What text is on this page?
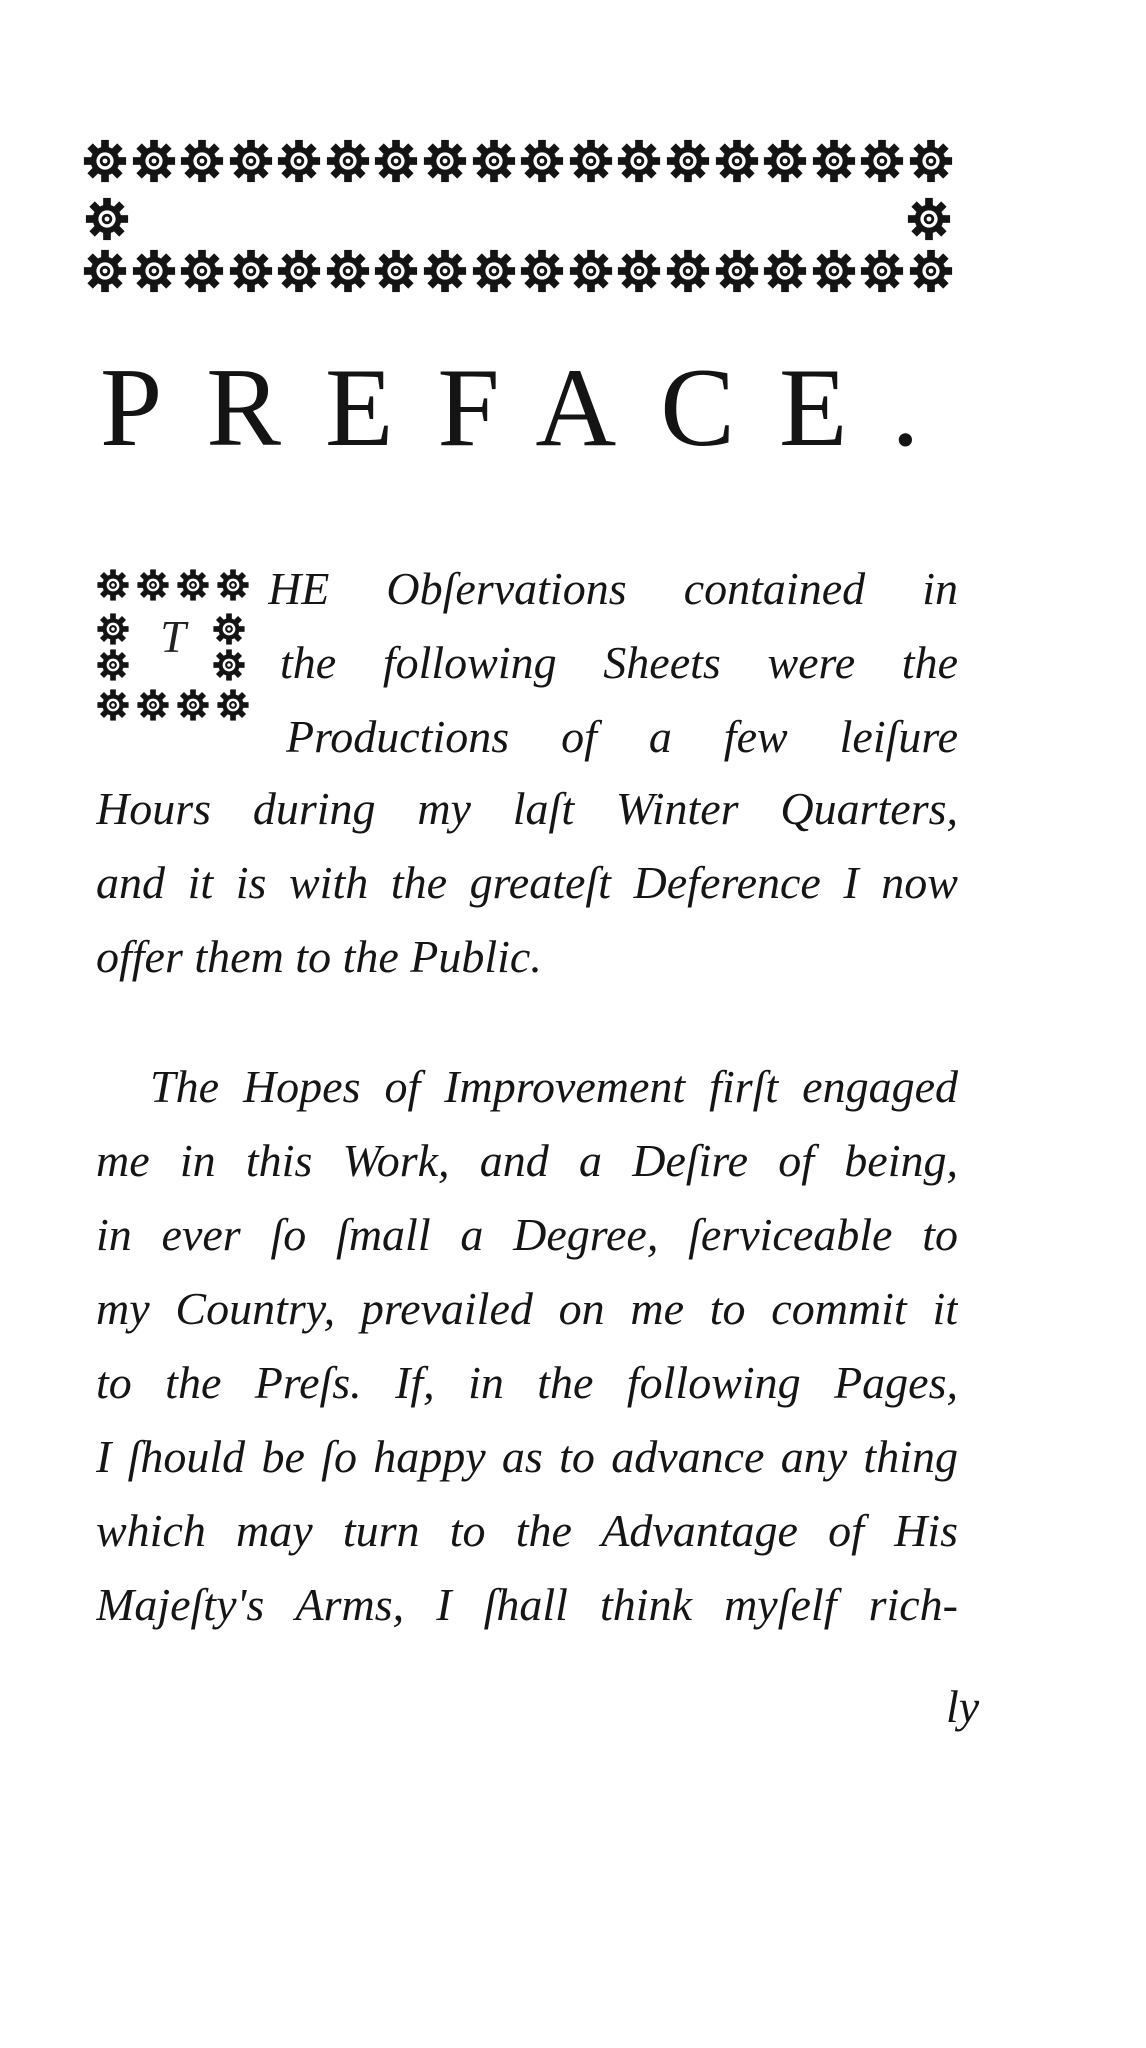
PREFACE.
T
HE Obſervations contained in
the following Sheets were the
Productions of a few leiſure
Hours during my laſt Winter Quarters,
and it is with the greateſt Deference I now
offer them to the Public.
The Hopes of Improvement firſt engaged
me in this Work, and a Deſire of being,
in ever ſo ſmall a Degree, ſerviceable to
my Country, prevailed on me to commit it
to the Preſs. If, in the following Pages,
I ſhould be ſo happy as to advance any thing
which may turn to the Advantage of His
Majeſty's Arms, I ſhall think myſelf rich-
ly
